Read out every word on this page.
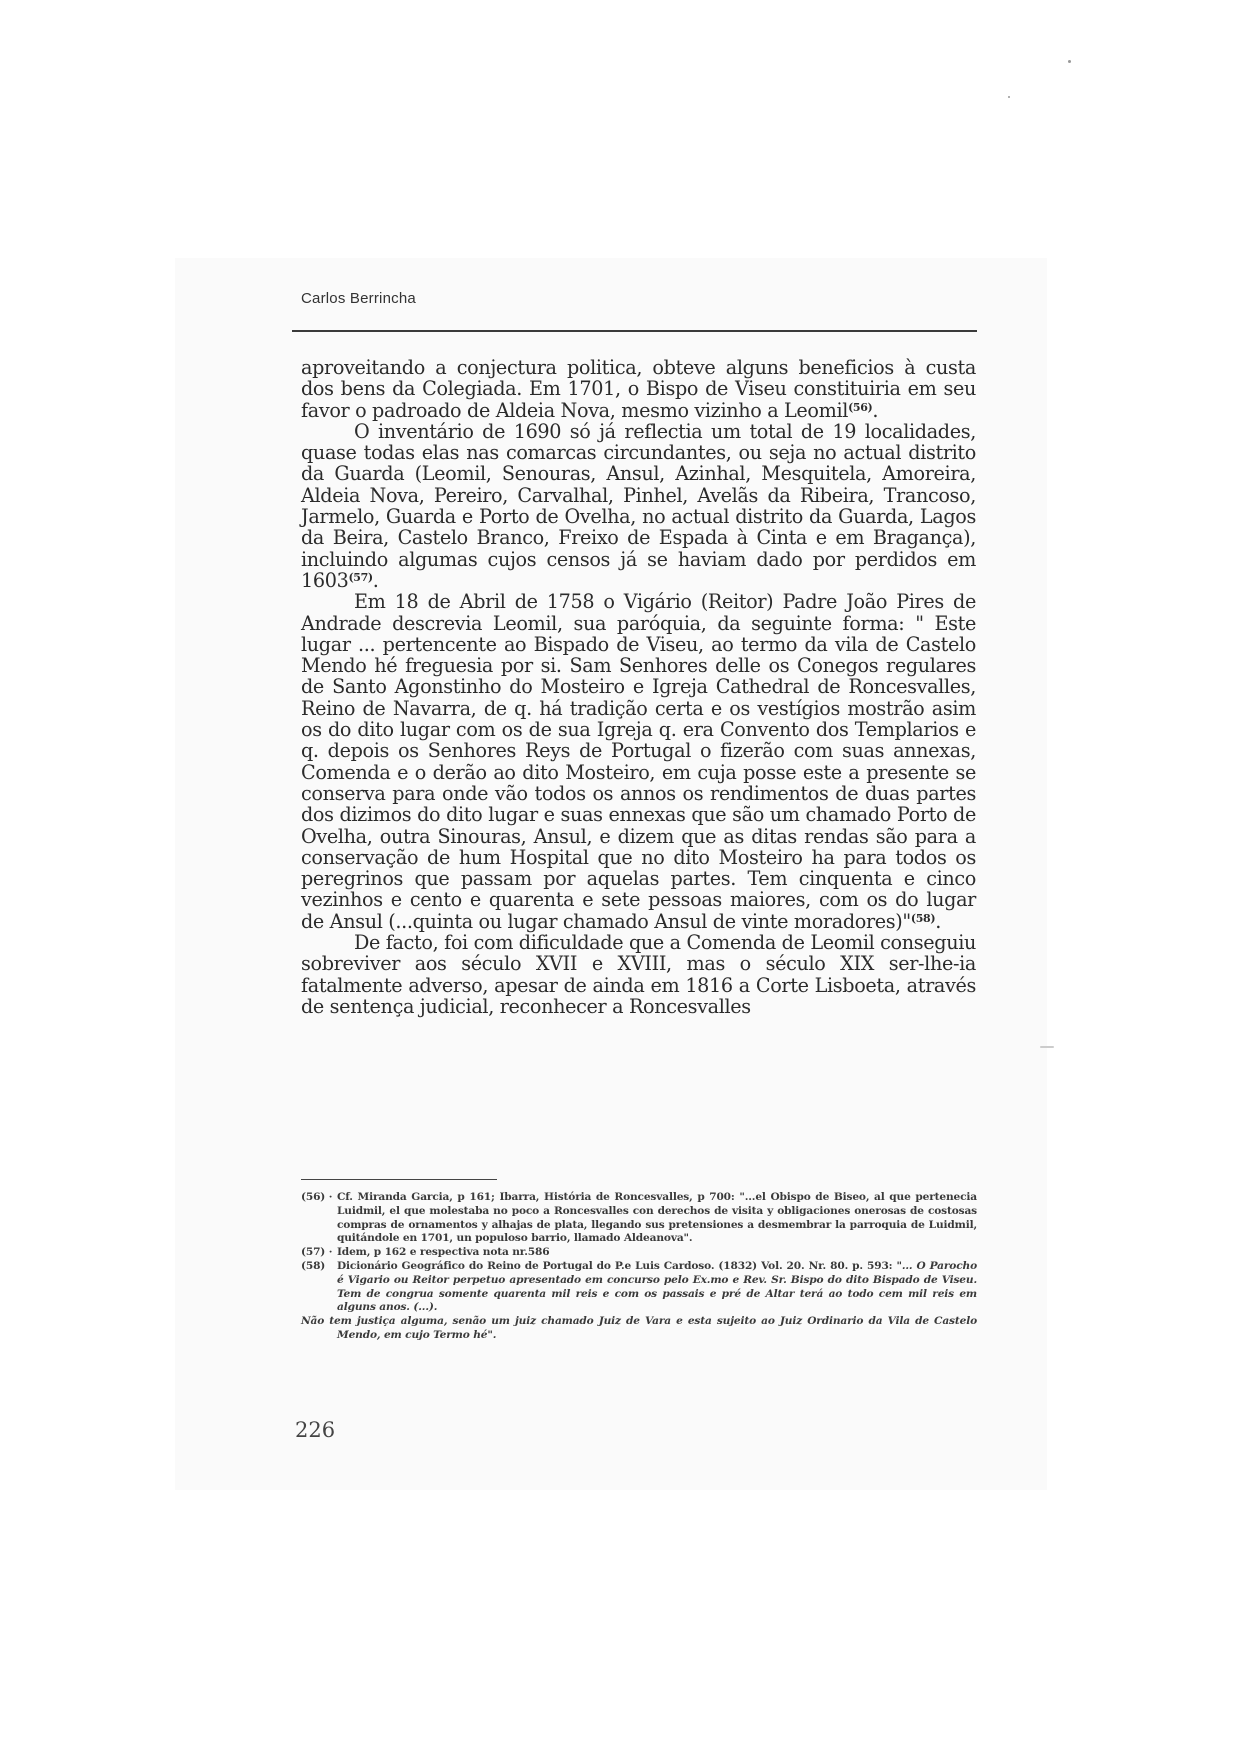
Carlos Berrincha

aproveitando a conjectura politica, obteve alguns beneficios à custa dos bens da Colegiada. Em 1701, o Bispo de Viseu constituiria em seu favor o padroado de Aldeia Nova, mesmo vizinho a Leomil$^{(56)}$.

O inventário de 1690 só já reflectia um total de 19 localidades, quase todas elas nas comarcas circundantes, ou seja no actual distrito da Guarda (Leomil, Senouras, Ansul, Azinhal, Mesquitela, Amoreira, Aldeia Nova, Pereiro, Carvalhal, Pinhel, Avelãs da Ribeira, Trancoso, Jarmelo, Guarda e Porto de Ovelha, no actual distrito da Guarda, Lagos da Beira, Castelo Branco, Freixo de Espada à Cinta e em Bragança), incluindo algumas cujos censos já se haviam dado por perdidos em 1603$^{(57)}$.

Em 18 de Abril de 1758 o Vigário (Reitor) Padre João Pires de Andrade descrevia Leomil, sua paróquia, da seguinte forma: " Este lugar ... pertencente ao Bispado de Viseu, ao termo da vila de Castelo Mendo hé freguesia por si. Sam Senhores delle os Conegos regulares de Santo Agonstinho do Mosteiro e Igreja Cathedral de Roncesvalles, Reino de Navarra, de q. há tradição certa e os vestígios mostrão asim os do dito lugar com os de sua Igreja q. era Convento dos Templarios e q. depois os Senhores Reys de Portugal o fizerão com suas annexas, Comenda e o derão ao dito Mosteiro, em cuja posse este a presente se conserva para onde vão todos os annos os rendimentos de duas partes dos dizimos do dito lugar e suas ennexas que são um chamado Porto de Ovelha, outra Sinouras, Ansul, e dizem que as ditas rendas são para a conservação de hum Hospital que no dito Mosteiro ha para todos os peregrinos que passam por aquelas partes. Tem cinquenta e cinco vezinhos e cento e quarenta e sete pessoas maiores, com os do lugar de Ansul (...quinta ou lugar chamado Ansul de vinte moradores)"$^{(58)}$.

De facto, foi com dificuldade que a Comenda de Leomil conseguiu sobreviver aos século XVII e XVIII, mas o século XIX ser-lhe-ia fatalmente adverso, apesar de ainda em 1816 a Corte Lisboeta, através de sentença judicial, reconhecer a Roncesvalles

(56) · Cf. Miranda Garcia, p 161; Ibarra, História de Roncesvalles, p 700: "...el Obispo de Biseo, al que pertenecia Luidmil, el que molestaba no poco a Roncesvalles con derechos de visita y obligaciones onerosas de costosas compras de ornamentos y alhajas de plata, llegando sus pretensiones a desmembrar la parroquia de Luidmil, quitándole en 1701, un populoso barrio, llamado Aldeanova".

(57) · Idem, p 162 e respectiva nota nr.586

(58) Dicionário Geográfico do Reino de Portugal do P.e Luis Cardoso. (1832) Vol. 20. Nr. 80. p. 593: "... O Parocho é Vigario ou Reitor perpetuo apresentado em concurso pelo Ex.mo e Rev. Sr. Bispo do dito Bispado de Viseu. Tem de congrua somente quarenta mil reis e com os passais e pré de Altar terá ao todo cem mil reis em alguns anos. (...).

Não tem justiça alguma, senão um juiz chamado Juiz de Vara e esta sujeito ao Juiz Ordinario da Vila de Castelo Mendo, em cujo Termo hé".

226
